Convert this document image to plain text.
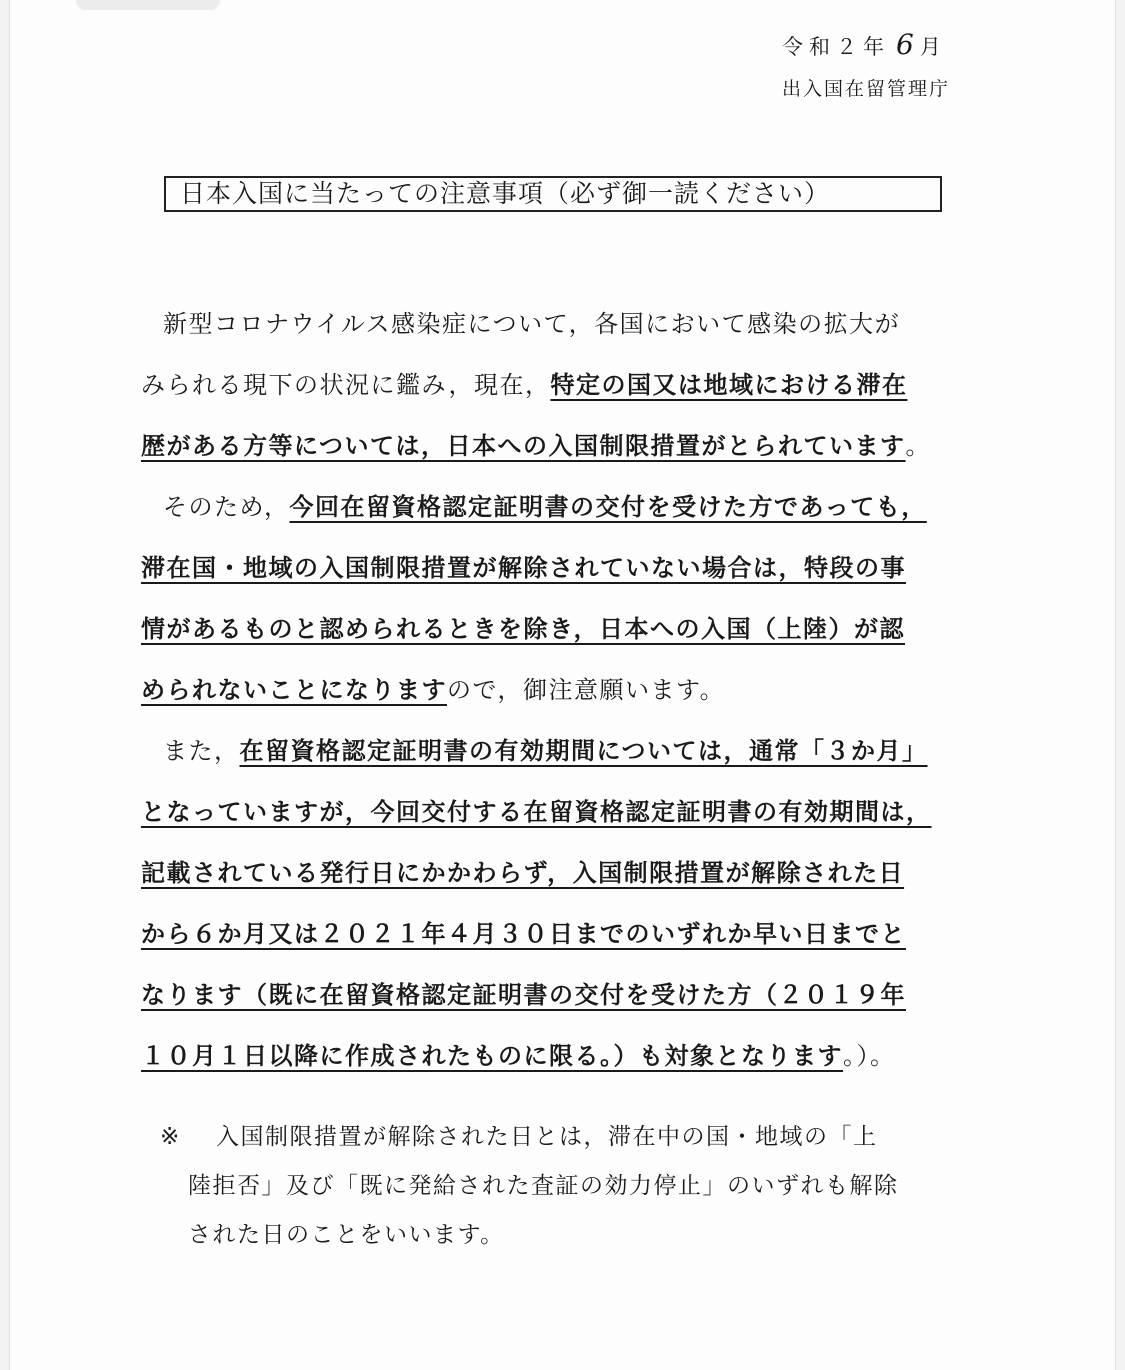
令和２年 6 月
出入国在留管理庁
日本入国に当たっての注意事項（必ず御一読ください）
新型コロナウイルス感染症について，各国において感染の拡大が
みられる現下の状況に鑑み，現在，特定の国又は地域における滞在
歴がある方等については，日本への入国制限措置がとられています。
そのため，今回在留資格認定証明書の交付を受けた方であっても，
滞在国・地域の入国制限措置が解除されていない場合は，特段の事
情があるものと認められるときを除き，日本への入国（上陸）が認
められないことになりますので，御注意願います。
また，在留資格認定証明書の有効期間については，通常「３か月」
となっていますが，今回交付する在留資格認定証明書の有効期間は，
記載されている発行日にかかわらず，入国制限措置が解除された日
から６か月又は２０２１年４月３０日までのいずれか早い日までと
なります（既に在留資格認定証明書の交付を受けた方（２０１９年
１０月１日以降に作成されたものに限る。）も対象となります。）。
※ 入国制限措置が解除された日とは，滞在中の国・地域の「上
陸拒否」及び「既に発給された査証の効力停止」のいずれも解除
された日のことをいいます。
